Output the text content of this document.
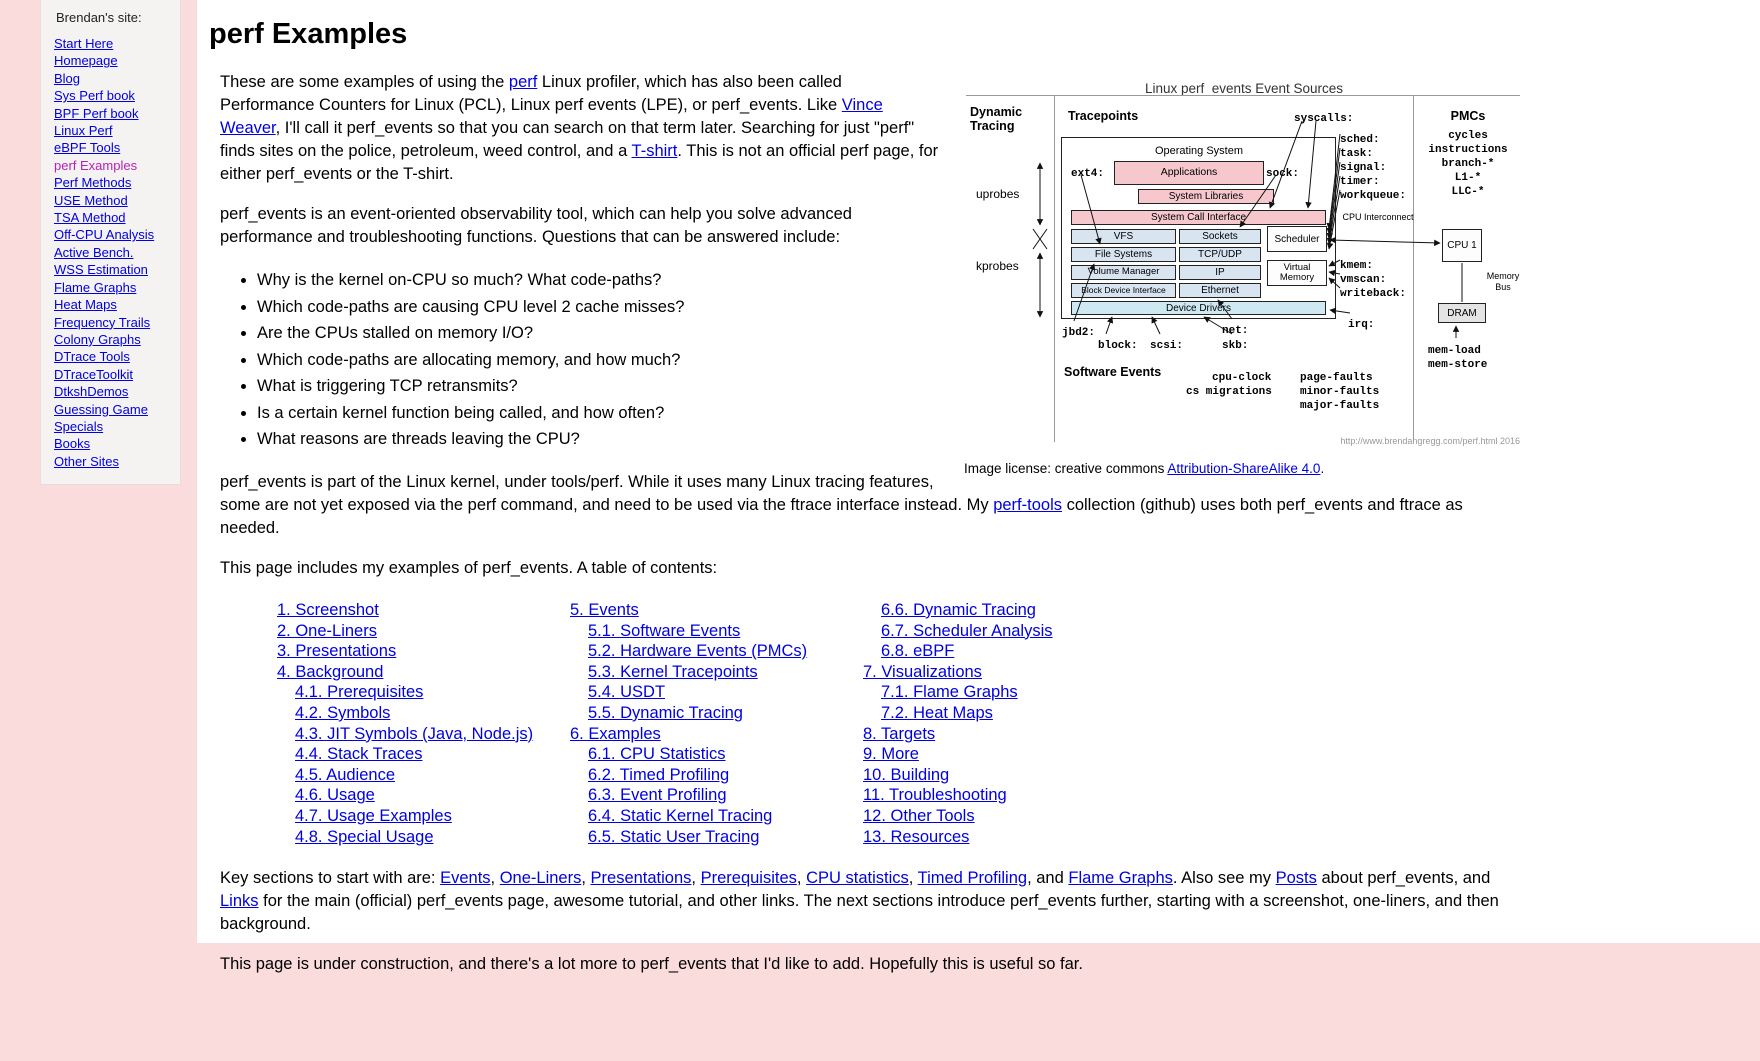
Brendan's site:
Start Here
Homepage
Blog
Sys Perf book
BPF Perf book
Linux Perf
eBPF Tools
perf Examples
Perf Methods
USE Method
TSA Method
Off-CPU Analysis
Active Bench.
WSS Estimation
Flame Graphs
Heat Maps
Frequency Trails
Colony Graphs
DTrace Tools
DTraceToolkit
DtkshDemos
Guessing Game
Specials
Books
Other Sites
perf Examples
Linux perf_events Event Sources
Dynamic Tracing
Tracepoints	PMCs
Operating System
Applications
System Libraries
System Call Interface
VFS	Sockets	Scheduler
File Systems	TCP/UDP
Volume Manager	IP	Virtual Memory
Block Device Interface	Ethernet
Device Drivers
uprobes
kprobes
syscalls:
ext4:	sock:
sched:
task:
signal:
timer:
workqueue:
kmem:
vmscan:
writeback:
jbd2:
block: scsi:
net:
skb:
irq:
Software Events	cpu-clock
cs migrations
page-faults
minor-faults
major-faults
cycles
instructions
branch-*
L1-*
LLC-*
CPU Interconnect
CPU 1
Memory Bus
DRAM
mem-load
mem-store
http://www.brendangregg.com/perf.html 2016
Image license: creative commons Attribution-ShareAlike 4.0.

These are some examples of using the perf Linux profiler, which has also been called Performance Counters for Linux (PCL), Linux perf events (LPE), or perf_events. Like Vince Weaver, I'll call it perf_events so that you can search on that term later. Searching for just "perf" finds sites on the police, petroleum, weed control, and a T-shirt. This is not an official perf page, for either perf_events or the T-shirt.

perf_events is an event-oriented observability tool, which can help you solve advanced performance and troubleshooting functions. Questions that can be answered include:

• Why is the kernel on-CPU so much? What code-paths?
• Which code-paths are causing CPU level 2 cache misses?
• Are the CPUs stalled on memory I/O?
• Which code-paths are allocating memory, and how much?
• What is triggering TCP retransmits?
• Is a certain kernel function being called, and how often?
• What reasons are threads leaving the CPU?

perf_events is part of the Linux kernel, under tools/perf. While it uses many Linux tracing features, some are not yet exposed via the perf command, and need to be used via the ftrace interface instead. My perf-tools collection (github) uses both perf_events and ftrace as needed.

This page includes my examples of perf_events. A table of contents:

1. Screenshot
2. One-Liners
3. Presentations
4. Background
4.1. Prerequisites
4.2. Symbols
4.3. JIT Symbols (Java, Node.js)
4.4. Stack Traces
4.5. Audience
4.6. Usage
4.7. Usage Examples
4.8. Special Usage
5. Events
5.1. Software Events
5.2. Hardware Events (PMCs)
5.3. Kernel Tracepoints
5.4. USDT
5.5. Dynamic Tracing
6. Examples
6.1. CPU Statistics
6.2. Timed Profiling
6.3. Event Profiling
6.4. Static Kernel Tracing
6.5. Static User Tracing
6.6. Dynamic Tracing
6.7. Scheduler Analysis
6.8. eBPF
7. Visualizations
7.1. Flame Graphs
7.2. Heat Maps
8. Targets
9. More
10. Building
11. Troubleshooting
12. Other Tools
13. Resources

Key sections to start with are: Events, One-Liners, Presentations, Prerequisites, CPU statistics, Timed Profiling, and Flame Graphs. Also see my Posts about perf_events, and Links for the main (official) perf_events page, awesome tutorial, and other links. The next sections introduce perf_events further, starting with a screenshot, one-liners, and then background.

This page is under construction, and there's a lot more to perf_events that I'd like to add. Hopefully this is useful so far.
